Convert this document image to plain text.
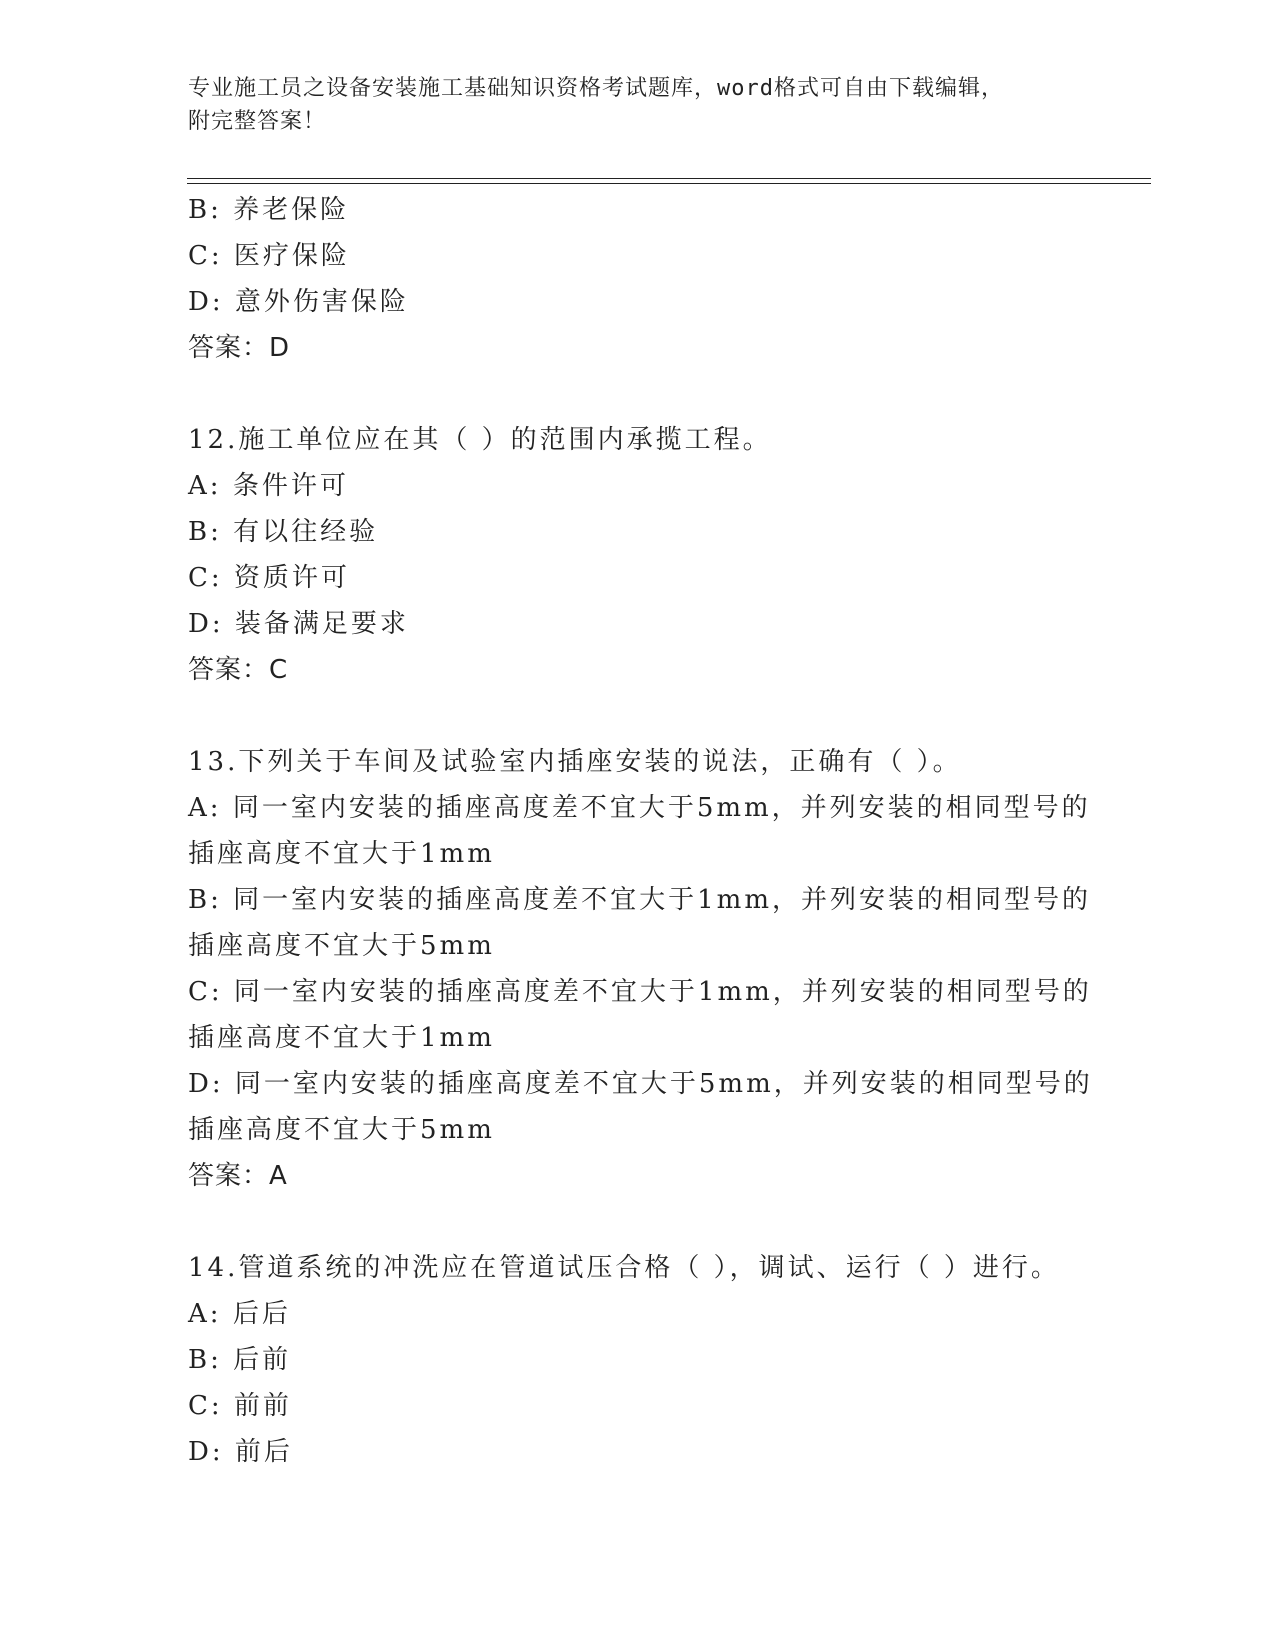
专业施工员之设备安装施工基础知识资格考试题库，word格式可自由下载编辑，
附完整答案！
B: 养老保险
C: 医疗保险
D: 意外伤害保险
答案：D
12.施工单位应在其（ ）的范围内承揽工程。
A: 条件许可
B: 有以往经验
C: 资质许可
D: 装备满足要求
答案：C
13.下列关于车间及试验室内插座安装的说法，正确有（ ）。
A: 同一室内安装的插座高度差不宜大于5mm，并列安装的相同型号的
插座高度不宜大于1mm
B: 同一室内安装的插座高度差不宜大于1mm，并列安装的相同型号的
插座高度不宜大于5mm
C: 同一室内安装的插座高度差不宜大于1mm，并列安装的相同型号的
插座高度不宜大于1mm
D: 同一室内安装的插座高度差不宜大于5mm，并列安装的相同型号的
插座高度不宜大于5mm
答案：A
14.管道系统的冲洗应在管道试压合格（ ），调试、运行（ ）进行。
A: 后后
B: 后前
C: 前前
D: 前后
